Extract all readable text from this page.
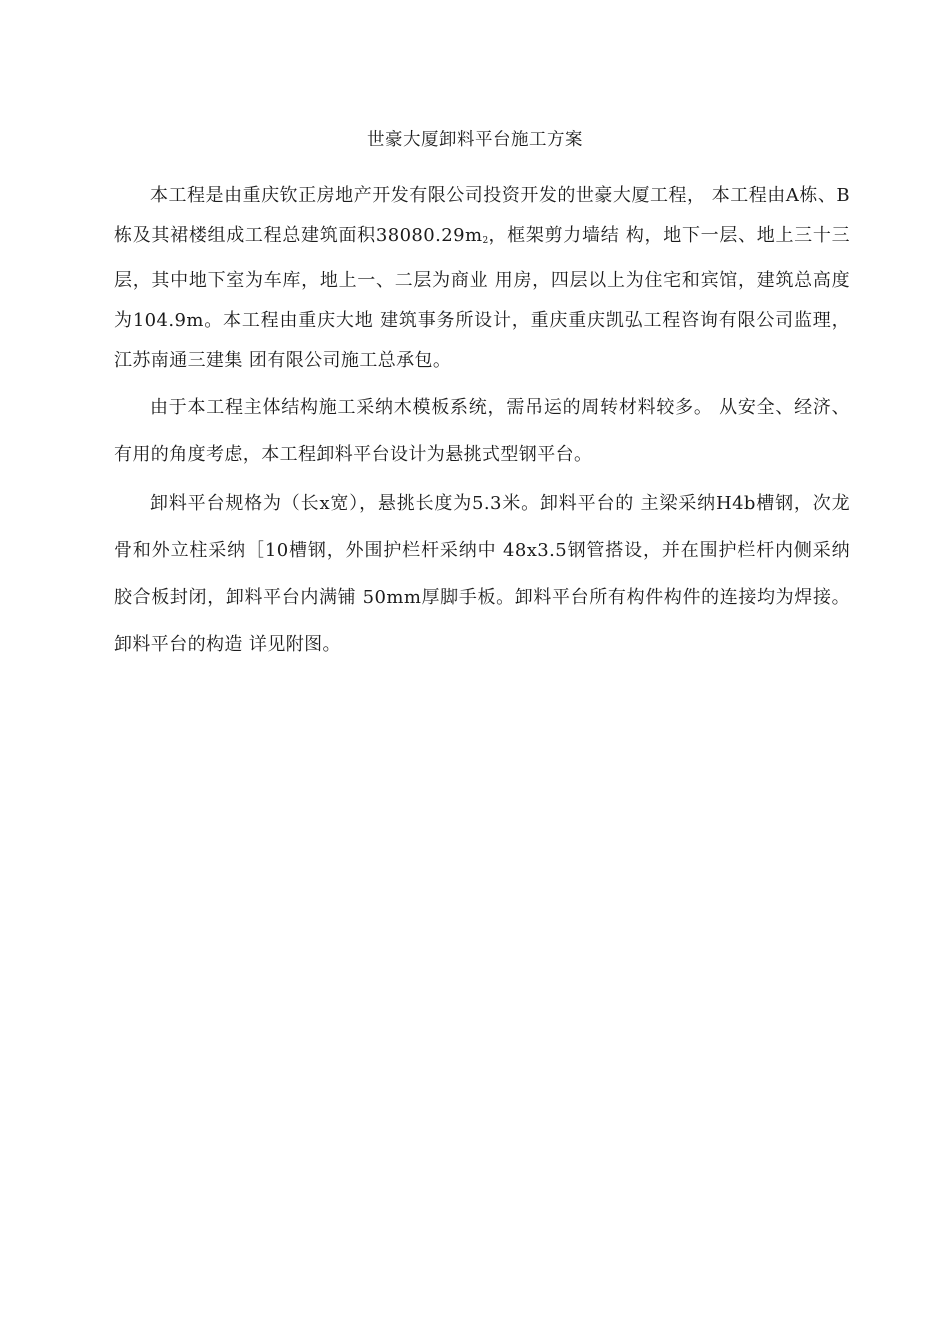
世豪大厦卸料平台施工方案

本工程是由重庆钦正房地产开发有限公司投资开发的世豪大厦工程， 本工程由A栋、B栋及其裙楼组成工程总建筑面积$38080.29m_2$，框架剪力墙结 构，地下一层、地上三十三层，其中地下室为车库，地上一、二层为商业 用房，四层以上为住宅和宾馆，建筑总高度为104.9m。本工程由重庆大地 建筑事务所设计，重庆重庆凯弘工程咨询有限公司监理，江苏南通三建集 团有限公司施工总承包。

由于本工程主体结构施工采纳木模板系统，需吊运的周转材料较多。 从安全、经济、有用的角度考虑，本工程卸料平台设计为悬挑式型钢平台。

卸料平台规格为（长x宽），悬挑长度为5.3米。卸料平台的 主梁采纳H4b槽钢，次龙骨和外立柱采纳［10槽钢，外围护栏杆采纳中 48x3.5钢管搭设，并在围护栏杆内侧采纳胶合板封闭，卸料平台内满铺 50mm厚脚手板。卸料平台所有构件构件的连接均为焊接。卸料平台的构造 详见附图。
